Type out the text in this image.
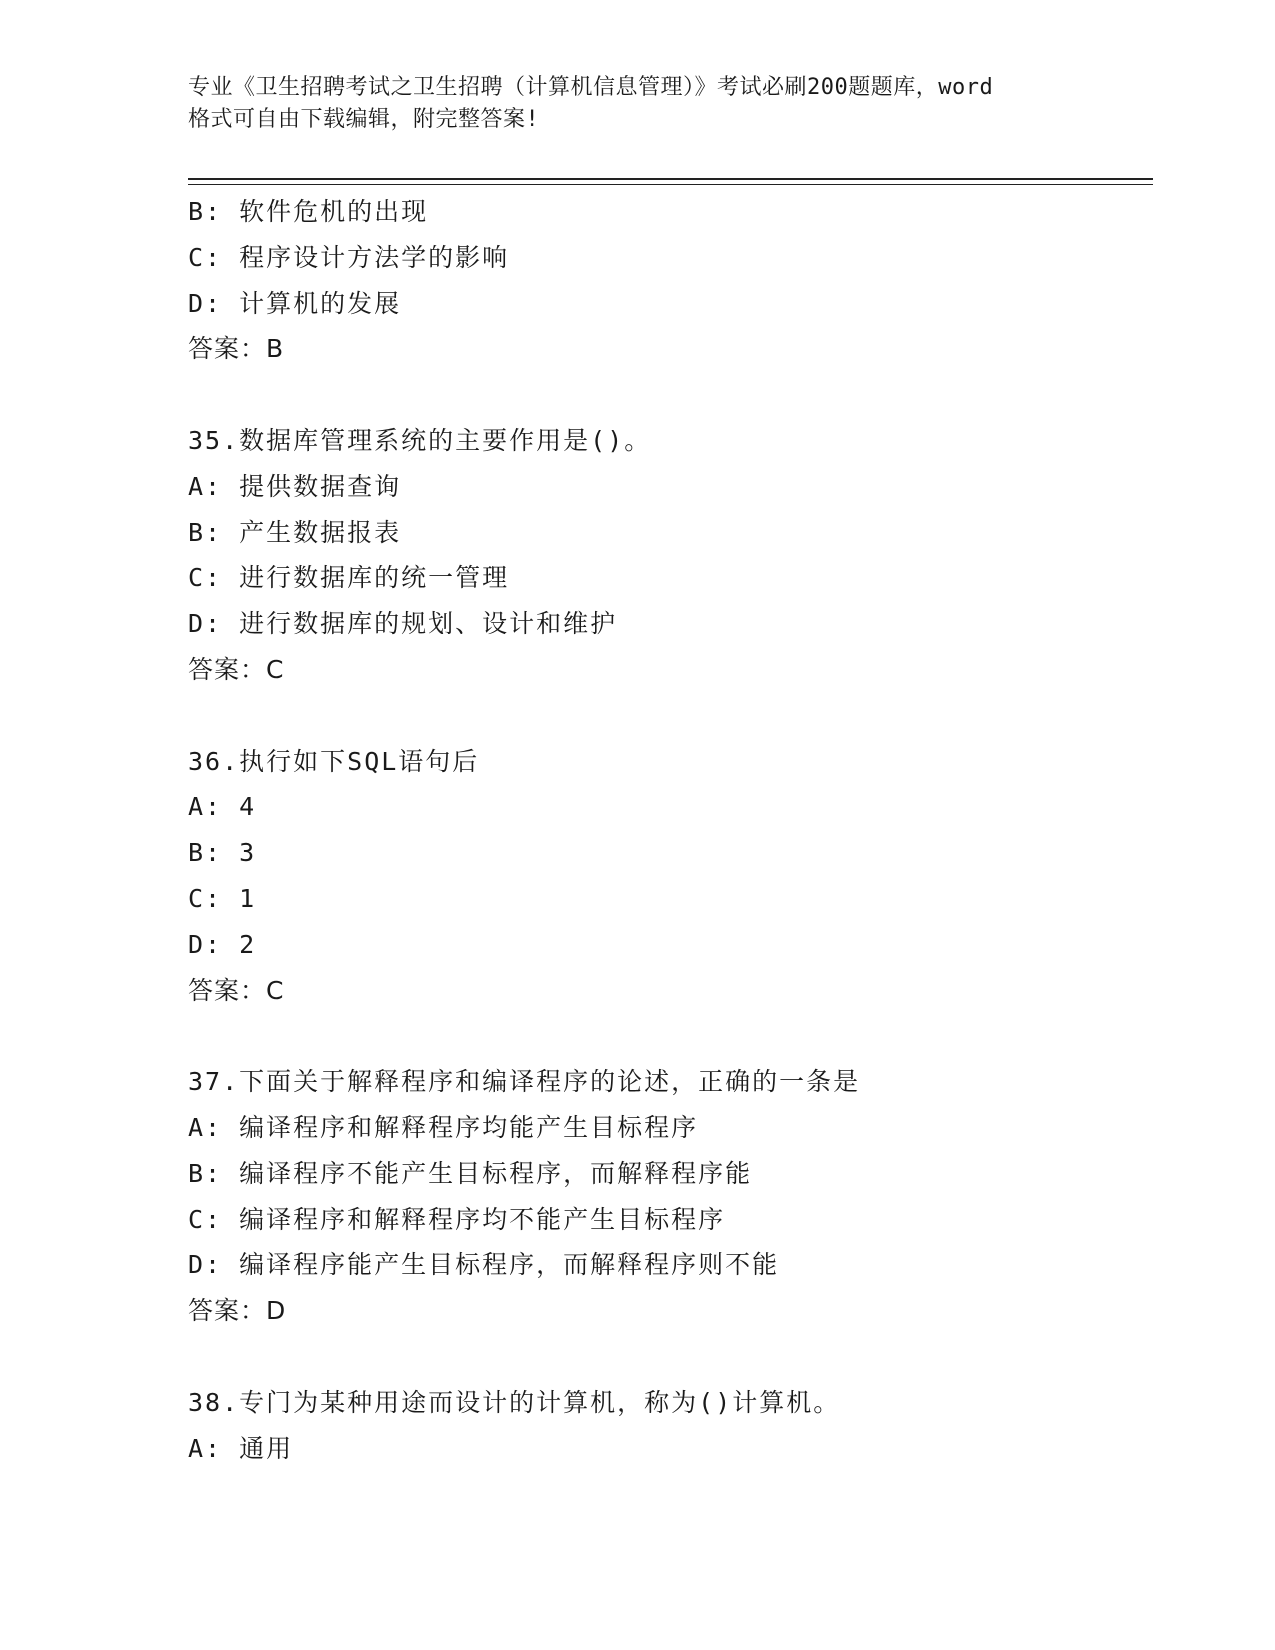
专业《卫生招聘考试之卫生招聘（计算机信息管理）》考试必刷200题题库，word
格式可自由下载编辑，附完整答案!
B: 软件危机的出现
C: 程序设计方法学的影响
D: 计算机的发展
答案：B
35.数据库管理系统的主要作用是()。
A: 提供数据查询
B: 产生数据报表
C: 进行数据库的统一管理
D: 进行数据库的规划、设计和维护
答案：C
36.执行如下SQL语句后
A: 4
B: 3
C: 1
D: 2
答案：C
37.下面关于解释程序和编译程序的论述，正确的一条是
A: 编译程序和解释程序均能产生目标程序
B: 编译程序不能产生目标程序，而解释程序能
C: 编译程序和解释程序均不能产生目标程序
D: 编译程序能产生目标程序，而解释程序则不能
答案：D
38.专门为某种用途而设计的计算机，称为()计算机。
A: 通用
